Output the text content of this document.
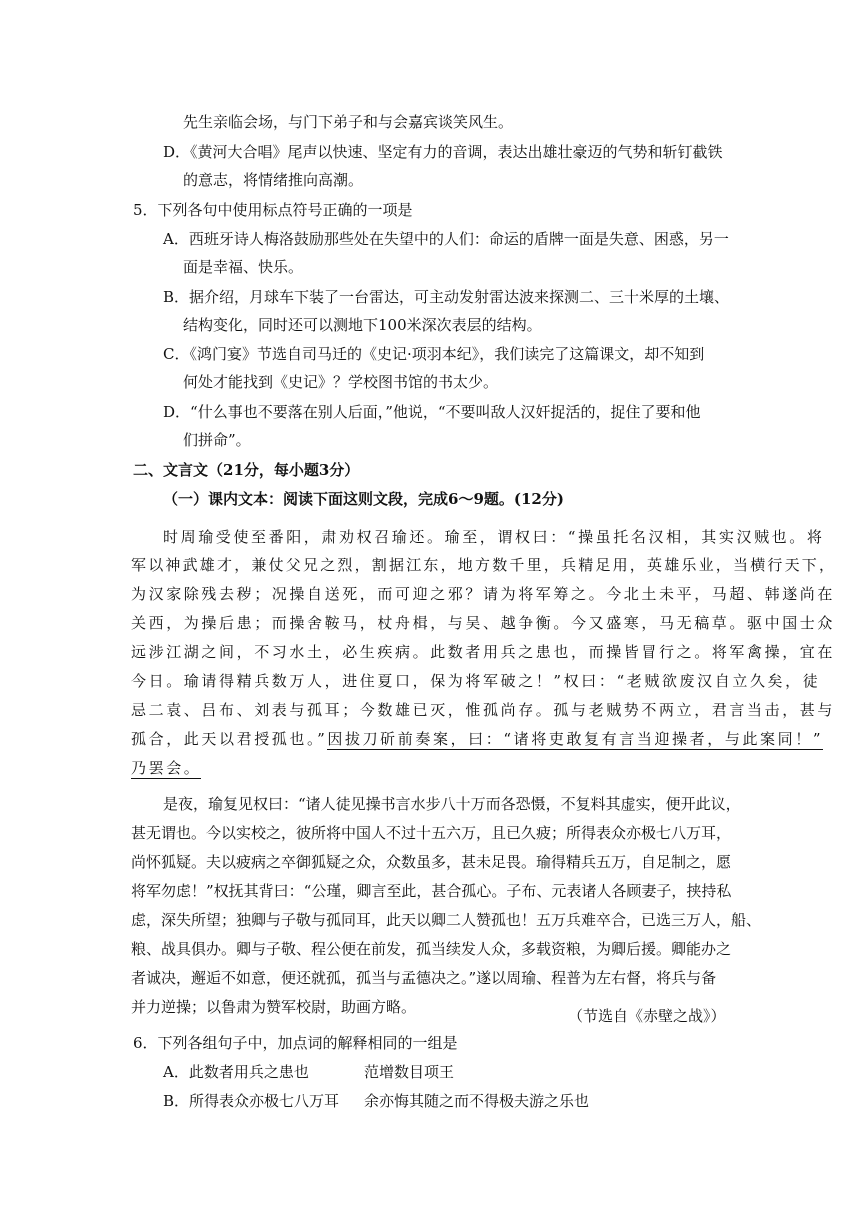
先生亲临会场，与门下弟子和与会嘉宾谈笑风生。
D．《黄河大合唱》尾声以快速、坚定有力的音调，表达出雄壮豪迈的气势和斩钉截铁
的意志，将情绪推向高潮。
5．下列各句中使用标点符号正确的一项是
A．西班牙诗人梅洛鼓励那些处在失望中的人们：命运的盾牌一面是失意、困惑，另一
面是幸福、快乐。
B．据介绍，月球车下装了一台雷达，可主动发射雷达波来探测二、三十米厚的土壤、
结构变化，同时还可以测地下100米深次表层的结构。
C．《鸿门宴》节选自司马迁的《史记·项羽本纪》，我们读完了这篇课文，却不知到
何处才能找到《史记》？学校图书馆的书太少。
D．“什么事也不要落在别人后面，”他说，“不要叫敌人汉奸捉活的，捉住了要和他
们拼命”。
二、文言文（21分，每小题3分）
（一）课内文本：阅读下面这则文段，完成6～9题。(12分)
时周瑜受使至番阳，肃劝权召瑜还。瑜至，谓权曰：“操虽托名汉相，其实汉贼也。将
军以神武雄才，兼仗父兄之烈，割据江东，地方数千里，兵精足用，英雄乐业，当横行天下，
为汉家除残去秽；况操自送死，而可迎之邪？请为将军筹之。今北土未平，马超、韩遂尚在
关西，为操后患；而操舍鞍马，杖舟楫，与吴、越争衡。今又盛寒，马无稿草。驱中国士众
远涉江湖之间，不习水土，必生疾病。此数者用兵之患也，而操皆冒行之。将军禽操，宜在
今日。瑜请得精兵数万人，进住夏口，保为将军破之！”权曰：“老贼欲废汉自立久矣，徒
忌二袁、吕布、刘表与孤耳；今数雄已灭，惟孤尚存。孤与老贼势不两立，君言当击，甚与
孤合，此天以君授孤也。”因拔刀斫前奏案，曰：“诸将吏敢复有言当迎操者，与此案同！”
乃罢会。
是夜，瑜复见权曰：“诸人徒见操书言水步八十万而各恐慑，不复料其虚实，便开此议，
甚无谓也。今以实校之，彼所将中国人不过十五六万，且已久疲；所得表众亦极七八万耳，
尚怀狐疑。夫以疲病之卒御狐疑之众，众数虽多，甚未足畏。瑜得精兵五万，自足制之，愿
将军勿虑！”权抚其背曰：“公瑾，卿言至此，甚合孤心。子布、元表诸人各顾妻子，挟持私
虑，深失所望；独卿与子敬与孤同耳，此天以卿二人赞孤也！五万兵难卒合，已选三万人，船、
粮、战具俱办。卿与子敬、程公便在前发，孤当续发人众，多载资粮，为卿后援。卿能办之
者诚决，邂逅不如意，便还就孤，孤当与孟德决之。”遂以周瑜、程普为左右督，将兵与备
并力逆操；以鲁肃为赞军校尉，助画方略。	（节选自《赤壁之战》）
6．下列各组句子中，加点词的解释相同的一组是
A．此数者用兵之患也	范增数目项王
B．所得表众亦极七八万耳 余亦悔其随之而不得极夫游之乐也
